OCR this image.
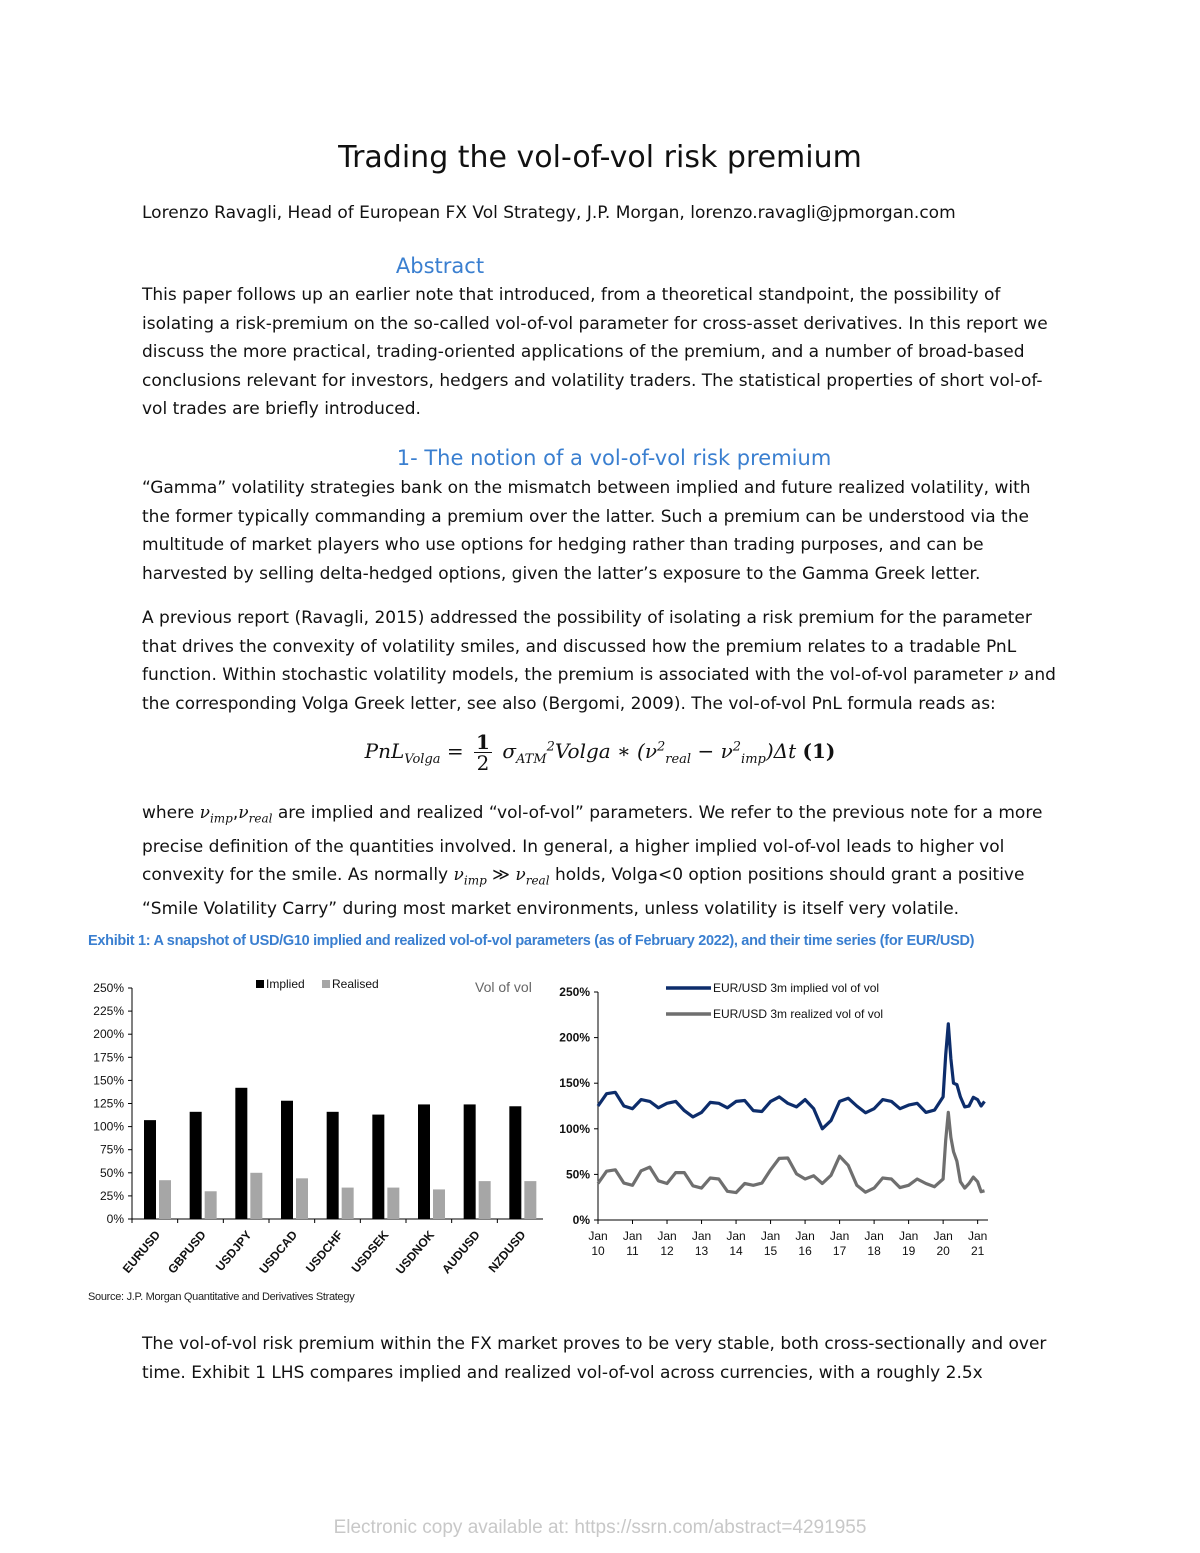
Trading the vol-of-vol risk premium
Lorenzo Ravagli, Head of European FX Vol Strategy, J.P. Morgan, lorenzo.ravagli@jpmorgan.com
Abstract

This paper follows up an earlier note that introduced, from a theoretical standpoint, the possibility of isolating a risk-premium on the so-called vol-of-vol parameter for cross-asset derivatives. In this report we discuss the more practical, trading-oriented applications of the premium, and a number of broad-based conclusions relevant for investors, hedgers and volatility traders. The statistical properties of short vol-of-vol trades are briefly introduced.

1- The notion of a vol-of-vol risk premium

“Gamma” volatility strategies bank on the mismatch between implied and future realized volatility, with the former typically commanding a premium over the latter. Such a premium can be understood via the multitude of market players who use options for hedging rather than trading purposes, and can be harvested by selling delta-hedged options, given the latter’s exposure to the Gamma Greek letter.

A previous report (Ravagli, 2015) addressed the possibility of isolating a risk premium for the parameter that drives the convexity of volatility smiles, and discussed how the premium relates to a tradable PnL function. Within stochastic volatility models, the premium is associated with the vol-of-vol parameter ν and the corresponding Volga Greek letter, see also (Bergomi, 2009). The vol-of-vol PnL formula reads as:

$PnL_{Volga} = \frac{1}{2} \sigma_{ATM}^2Volga$ ∗ $(\nu^2_{real} - \nu^2_{imp})\Delta t$ (1)

where $\nu_{imp},\nu_{real}$ are implied and realized “vol-of-vol” parameters. We refer to the previous note for a more precise definition of the quantities involved. In general, a higher implied vol-of-vol leads to higher vol convexity for the smile. As normally $\nu_{imp}$ ≫ $\nu_{real}$ holds, Volga<0 option positions should grant a positive “Smile Volatility Carry” during most market environments, unless volatility is itself very volatile.

Exhibit 1: A snapshot of USD/G10 implied and realized vol-of-vol parameters (as of February 2022), and their time series (for EUR/USD)
0%
25%
50%
75%
100%
125%
150%
175%
200%
225%
250%
EURUSD GBPUSD USDJPY USDCAD USDCHF USDSEK USDNOK AUDUSD NZDUSD
Implied Realised	Vol of vol
0%
50%
100%
150%
200%
250%
Jan 10
Jan 11
Jan 12
Jan 13
Jan 14
Jan 15
Jan 16
Jan 17
Jan 18
Jan 19
Jan 20
Jan 21
EUR/USD 3m implied vol of vol
EUR/USD 3m realized vol of vol
Source: J.P. Morgan Quantitative and Derivatives Strategy

The vol-of-vol risk premium within the FX market proves to be very stable, both cross-sectionally and over time. Exhibit 1 LHS compares implied and realized vol-of-vol across currencies, with a roughly 2.5x

Electronic copy available at: https://ssrn.com/abstract=4291955
